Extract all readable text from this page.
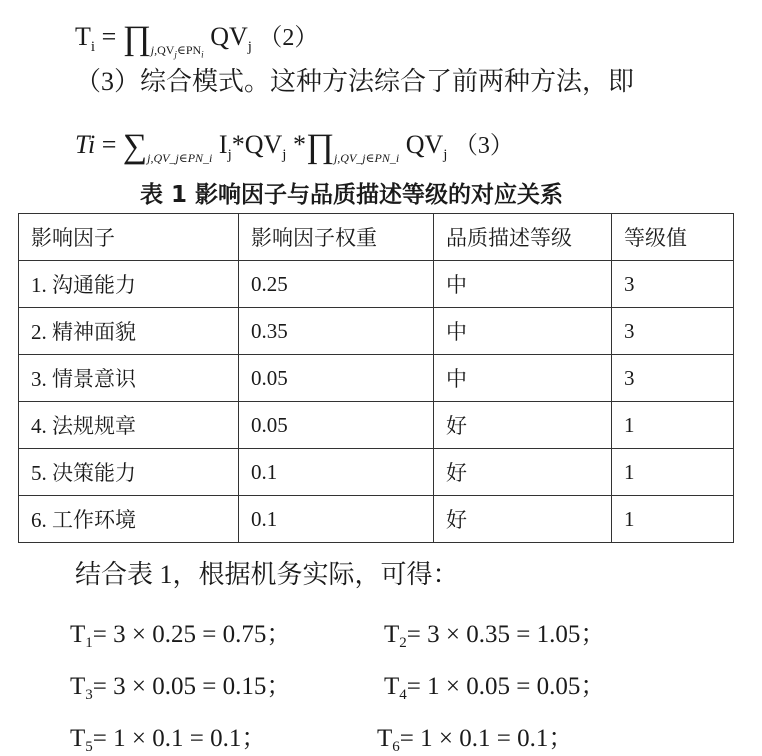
$T_i$ = $\prod_{j,QV_j\in PN_i}$ $QV_j$ （2）
（3）综合模式。这种方法综合了前两种方法，即
$Ti = \sum_{j,QV\_j\in PN\_i}$ $I_j*QV_j$ $*\prod_{j,QV\_j\in PN\_i}$ $QV_j$ （3）
表 1 影响因子与品质描述等级的对应关系
影响因子	影响因子权重	品质描述等级	等级值
1. 沟通能力	0.25	中	3
2. 精神面貌	0.35	中	3
3. 情景意识	0.05	中	3
4. 法规规章	0.05	好	1
5. 决策能力	0.1	好	1
6. 工作环境	0.1	好	1
结合表 1，根据机务实际，可得：
$T_1= 3 \times 0.25 = 0.75$；	$T_2= 3 \times 0.35 = 1.05$；
$T_3= 3 \times 0.05 = 0.15$；	$T_4= 1 \times 0.05 = 0.05$；
$T_5= 1 \times 0.1 = 0.1$；	$T_6= 1 \times 0.1 = 0.1$；
